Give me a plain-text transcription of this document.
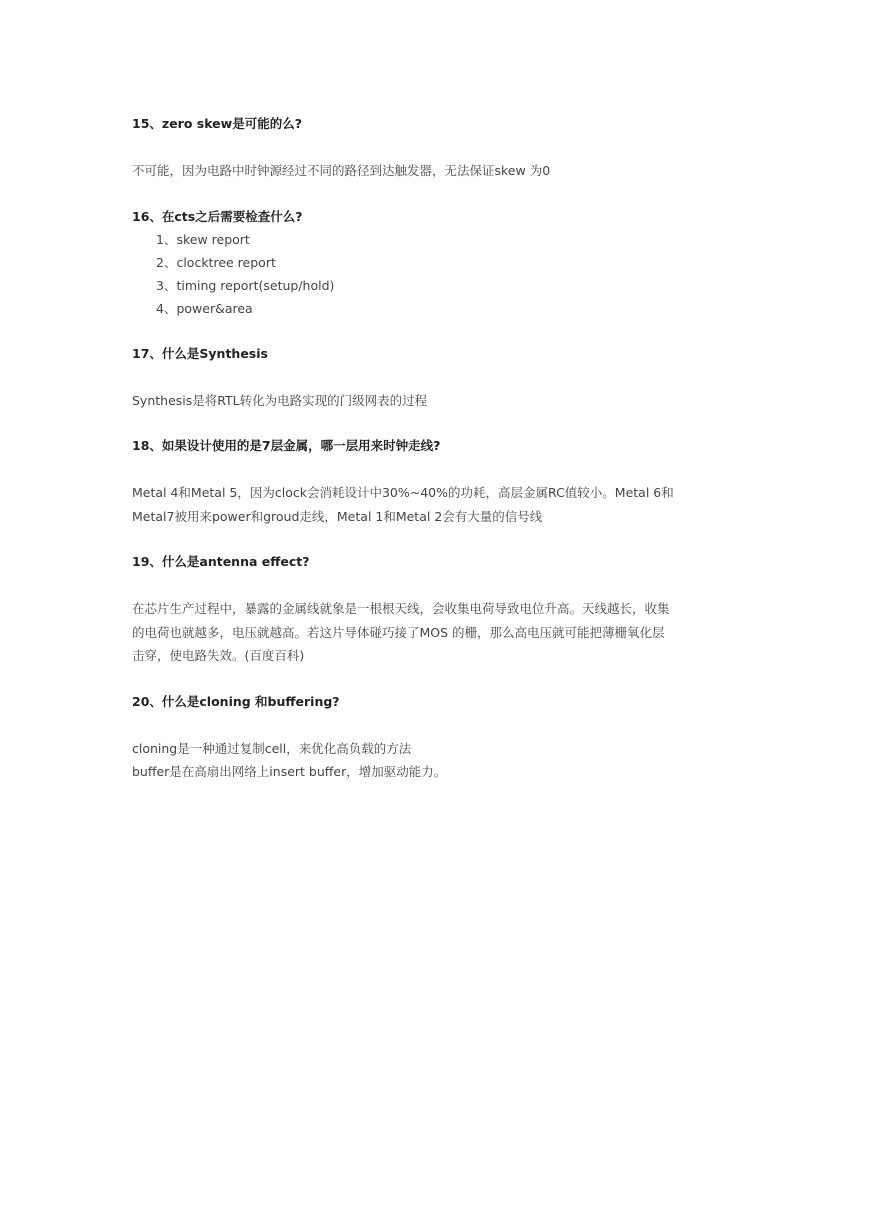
15、zero skew是可能的么?

不可能，因为电路中时钟源经过不同的路径到达触发器，无法保证skew 为0

16、在cts之后需要检查什么?

1、skew report
2、clocktree report
3、timing report(setup/hold)
4、power&area

17、什么是Synthesis

Synthesis是将RTL转化为电路实现的门级网表的过程

18、如果设计使用的是7层金属，哪一层用来时钟走线?

Metal 4和Metal 5，因为clock会消耗设计中30%~40%的功耗，高层金属RC值较小。Metal 6和

Metal7被用来power和groud走线，Metal 1和Metal 2会有大量的信号线

19、什么是antenna effect?

在芯片生产过程中，暴露的金属线就象是一根根天线，会收集电荷导致电位升高。天线越长，收集

的电荷也就越多，电压就越高。若这片导体碰巧接了MOS 的栅，那么高电压就可能把薄栅氧化层

击穿，使电路失效。(百度百科)

20、什么是cloning 和buffering?

cloning是一种通过复制cell，来优化高负载的方法

buffer是在高扇出网络上insert buffer，增加驱动能力。
